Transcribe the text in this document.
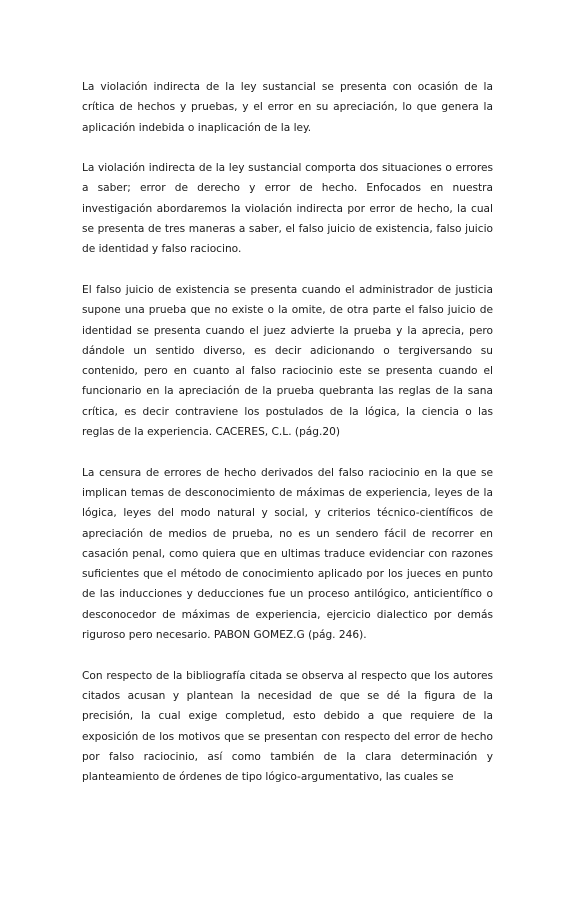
La violación indirecta de la ley sustancial se presenta con ocasión de la crítica de hechos y pruebas, y el error en su apreciación, lo que genera la aplicación indebida o inaplicación de la ley.

La violación indirecta de la ley sustancial comporta dos situaciones o errores a saber; error de derecho y error de hecho. Enfocados en nuestra investigación abordaremos la violación indirecta por error de hecho, la cual se presenta de tres maneras a saber, el falso juicio de existencia, falso juicio de identidad y falso raciocino.

El falso juicio de existencia se presenta cuando el administrador de justicia supone una prueba que no existe o la omite, de otra parte el falso juicio de identidad se presenta cuando el juez advierte la prueba y la aprecia, pero dándole un sentido diverso, es decir adicionando o tergiversando su contenido, pero en cuanto al falso raciocinio este se presenta cuando el funcionario en la apreciación de la prueba quebranta las reglas de la sana crítica, es decir contraviene los postulados de la lógica, la ciencia o las reglas de la experiencia. CACERES, C.L. (pág.20)

La censura de errores de hecho derivados del falso raciocinio en la que se implican temas de desconocimiento de máximas de experiencia, leyes de la lógica, leyes del modo natural y social, y criterios técnico-científicos de apreciación de medios de prueba, no es un sendero fácil de recorrer en casación penal, como quiera que en ultimas traduce evidenciar con razones suficientes que el método de conocimiento aplicado por los jueces en punto de las inducciones y deducciones fue un proceso antilógico, anticientífico o desconocedor de máximas de experiencia, ejercicio dialectico por demás riguroso pero necesario. PABON GOMEZ.G (pág. 246).

Con respecto de la bibliografía citada se observa al respecto que los autores citados acusan y plantean la necesidad de que se dé la figura de la precisión, la cual exige completud, esto debido a que requiere de la exposición de los motivos que se presentan con respecto del error de hecho por falso raciocinio, así como también de la clara determinación y planteamiento de órdenes de tipo lógico-argumentativo, las cuales se
